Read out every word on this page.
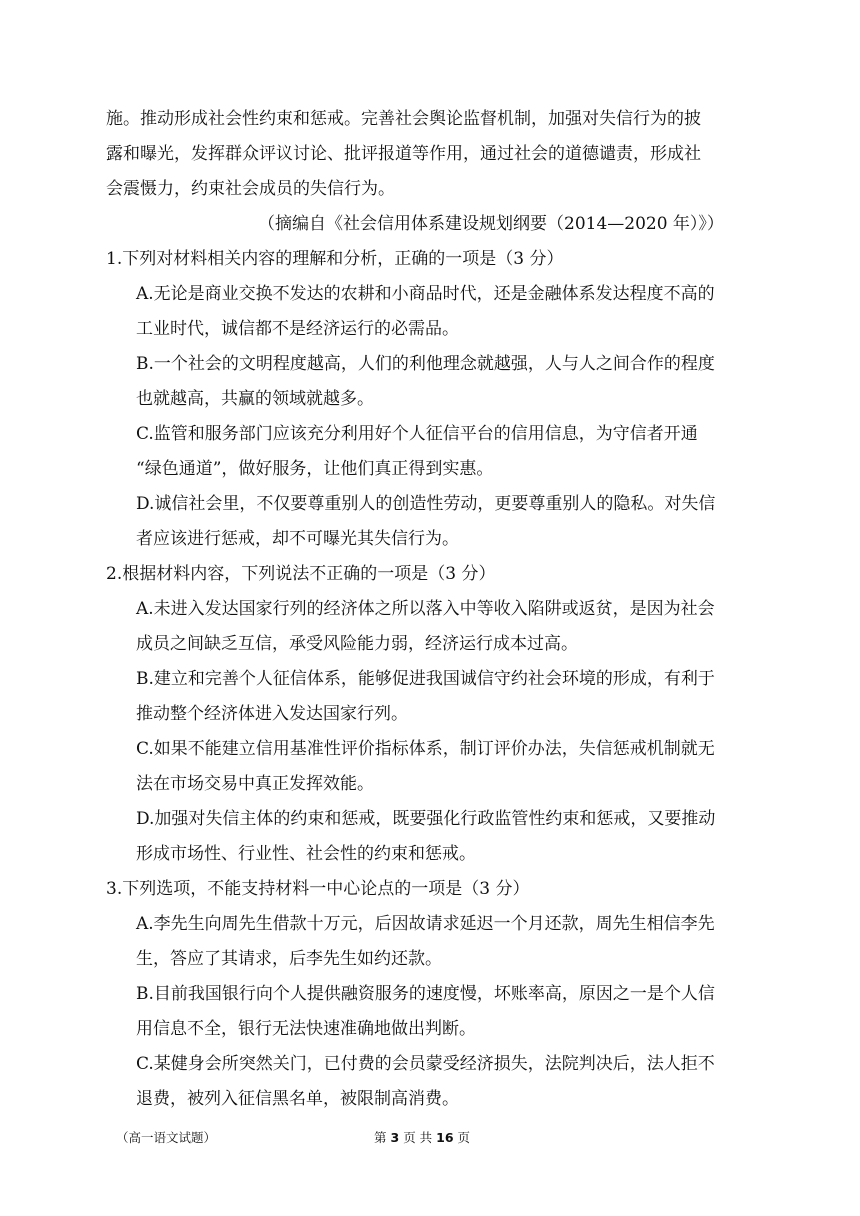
施。推动形成社会性约束和惩戒。完善社会舆论监督机制，加强对失信行为的披
露和曝光，发挥群众评议讨论、批评报道等作用，通过社会的道德谴责，形成社
会震慑力，约束社会成员的失信行为。
（摘编自《社会信用体系建设规划纲要（2014—2020 年）》）
1.下列对材料相关内容的理解和分析，正确的一项是（3 分）
A.无论是商业交换不发达的农耕和小商品时代，还是金融体系发达程度不高的
工业时代，诚信都不是经济运行的必需品。
B.一个社会的文明程度越高，人们的利他理念就越强，人与人之间合作的程度
也就越高，共赢的领域就越多。
C.监管和服务部门应该充分利用好个人征信平台的信用信息，为守信者开通
“绿色通道”，做好服务，让他们真正得到实惠。
D.诚信社会里，不仅要尊重别人的创造性劳动，更要尊重别人的隐私。对失信
者应该进行惩戒，却不可曝光其失信行为。
2.根据材料内容，下列说法不正确的一项是（3 分）
A.未进入发达国家行列的经济体之所以落入中等收入陷阱或返贫，是因为社会
成员之间缺乏互信，承受风险能力弱，经济运行成本过高。
B.建立和完善个人征信体系，能够促进我国诚信守约社会环境的形成，有利于
推动整个经济体进入发达国家行列。
C.如果不能建立信用基准性评价指标体系，制订评价办法，失信惩戒机制就无
法在市场交易中真正发挥效能。
D.加强对失信主体的约束和惩戒，既要强化行政监管性约束和惩戒，又要推动
形成市场性、行业性、社会性的约束和惩戒。
3.下列选项，不能支持材料一中心论点的一项是（3 分）
A.李先生向周先生借款十万元，后因故请求延迟一个月还款，周先生相信李先
生，答应了其请求，后李先生如约还款。
B.目前我国银行向个人提供融资服务的速度慢，坏账率高，原因之一是个人信
用信息不全，银行无法快速准确地做出判断。
C.某健身会所突然关门，已付费的会员蒙受经济损失，法院判决后，法人拒不
退费，被列入征信黑名单，被限制高消费。
（高一语文试题）	第 3 页 共 16 页
